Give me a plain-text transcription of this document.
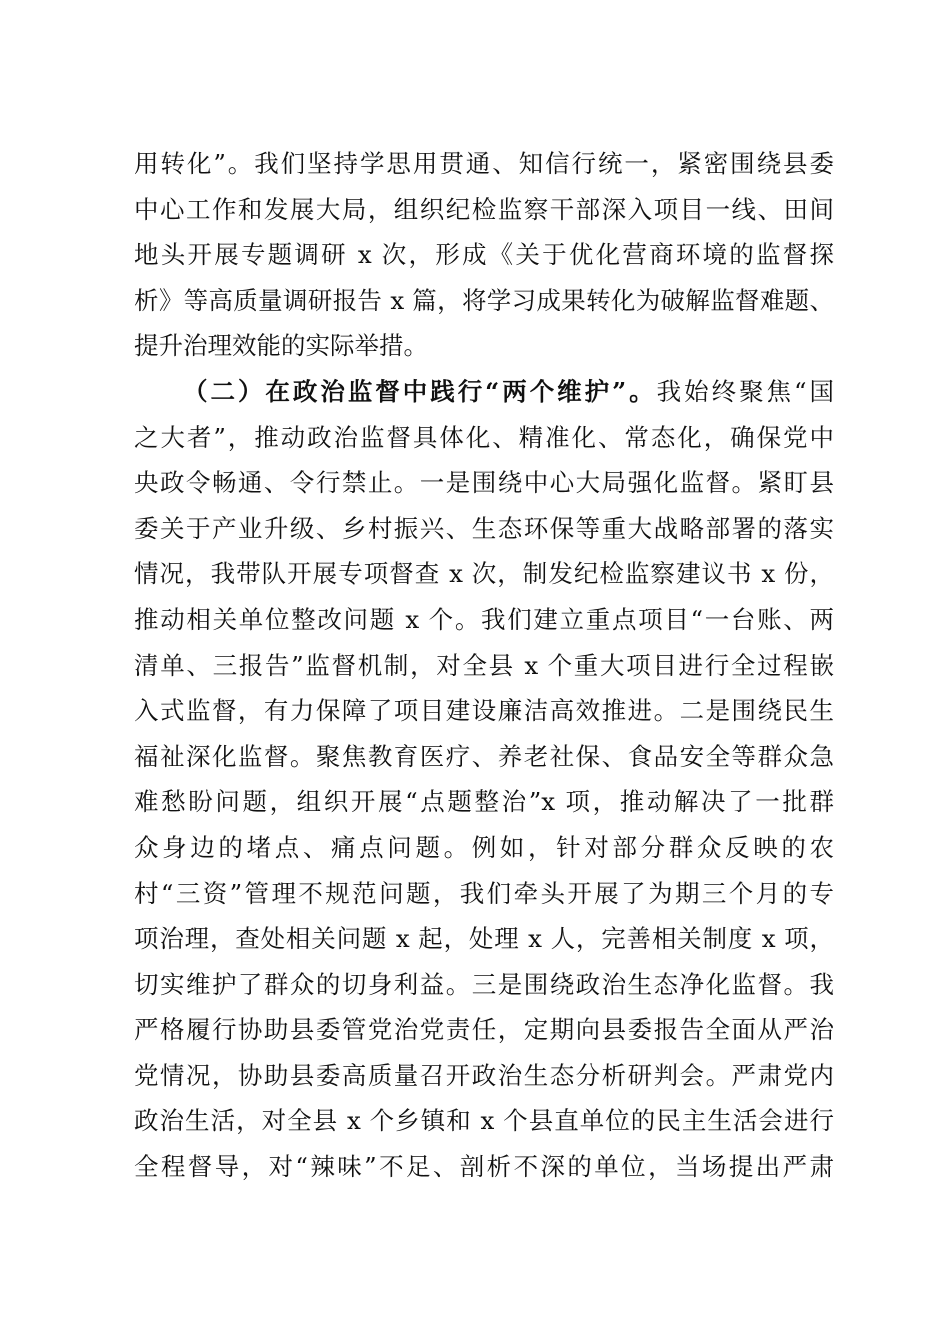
用转化”。我们坚持学思用贯通、知信行统一，紧密围绕县委
中心工作和发展大局，组织纪检监察干部深入项目一线、田间
地头开展专题调研 x 次，形成《关于优化营商环境的监督探
析》等高质量调研报告 x 篇，将学习成果转化为破解监督难题、
提升治理效能的实际举措。
（二）在政治监督中践行“两个维护”。我始终聚焦“国
之大者”，推动政治监督具体化、精准化、常态化，确保党中
央政令畅通、令行禁止。一是围绕中心大局强化监督。紧盯县
委关于产业升级、乡村振兴、生态环保等重大战略部署的落实
情况，我带队开展专项督查 x 次，制发纪检监察建议书 x 份，
推动相关单位整改问题 x 个。我们建立重点项目“一台账、两
清单、三报告”监督机制，对全县 x 个重大项目进行全过程嵌
入式监督，有力保障了项目建设廉洁高效推进。二是围绕民生
福祉深化监督。聚焦教育医疗、养老社保、食品安全等群众急
难愁盼问题，组织开展“点题整治”x 项，推动解决了一批群
众身边的堵点、痛点问题。例如，针对部分群众反映的农
村“三资”管理不规范问题，我们牵头开展了为期三个月的专
项治理，查处相关问题 x 起，处理 x 人，完善相关制度 x 项，
切实维护了群众的切身利益。三是围绕政治生态净化监督。我
严格履行协助县委管党治党责任，定期向县委报告全面从严治
党情况，协助县委高质量召开政治生态分析研判会。严肃党内
政治生活，对全县 x 个乡镇和 x 个县直单位的民主生活会进行
全程督导，对“辣味”不足、剖析不深的单位，当场提出严肃
